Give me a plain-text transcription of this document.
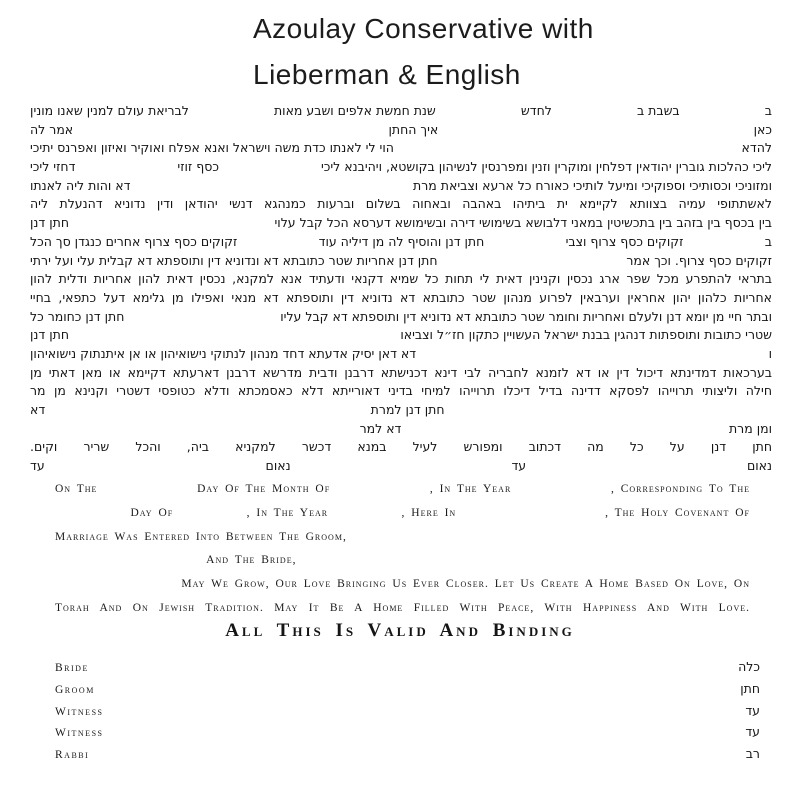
Azoulay Conservative with
Lieberman & English
ב
בשבת ב
לחדש
שנת חמשת אלפים ושבע מאות
לבריאת עולם למנין שאנו מונין
כאן
איך החתן
אמר לה
להדא
הוי לי לאנתו כדת משה וישראל ואנא אפלח ואוקיר ואיזון ואפרנס יתיכי
ליכי כהלכות גוברין יהודאין דפלחין ומוקרין וזנין ומפרנסין לנשיהון בקושטא, ויהיבנא ליכי
כסף זוזי
דחזי ליכי
ומזוניכי וכסותיכי וספוקיכי ומיעל לותיכי כאורח כל ארעא וצביאת מרת
דא והות ליה לאנתו
לאשתתופי עמיה בצוותא לקיימא ית ביתיהו באהבה ובאחוה בשלום וברעות כמנהגא דנשי יהודאן ודין נדוניא דהנעלת ליה
בין בכסף בין בזהב בין בתכשיטין במאני דלבושא בשימושי דירה ובשימושא דערסא הכל קבל עלוי
חתן דנן
ב
זקוקים כסף צרוף וצבי
חתן דנן והוסיף לה מן דיליה עוד
זקוקים כסף צרוף אחרים כנגדן סך הכל
זקוקים כסף צרוף. וכך אמר
חתן דנן אחריות שטר כתובתא דא ונדוניא דין ותוספתא דא קבלית עלי ועל ירתי
בתראי להתפרע מכל שפר ארג נכסין וקנינין דאית לי תחות כל שמיא דקנאי ודעתיד אנא למקנא, נכסין דאית להון אחריות ודלית להון
אחריות כלהון יהון אחראין וערבאין לפרוע מנהון שטר כתובתא דא נדוניא דין ותוספתא דא מנאי ואפילו מן גלימא דעל כתפאי, בחיי
ובתר חיי מן יומא דנן ולעלם ואחריות וחומר שטר כתובתא דא נדוניא דין ותוספתא דא קבל עליו
חתן דנן כחומר כל
שטרי כתובות ותוספתות דנהגין בבנת ישראל העשויין כתקון חז״ל וצביאו
חתן דנן
ו
דא דאן יסיק אדעתא דחד מנהון לנתוקי נישואיהון או אן איתנתוק נישואיהון
בערכאות דמדינתא דיכול דין או דא לזמנא לחבריה לבי דינא דכנישתא דרבנן ודבית מדרשא דרבנן דארעתא דקיימא או מאן דאתי מן
חילה וליצותי תרוייהו לפסקא דדינה בדיל דיכלו תרוייהו למיחי בדיני דאורייתא דלא כאסמכתא ודלא כטופסי דשטרי וקנינא מן מר
חתן דנן למרת
דא
ומן מרת
דא למר
חתן דנן על כל מה דכתוב ומפורש לעיל במנא דכשר למקניא ביה, והכל שריר וקים.
נאום
עד
נאום
עד
On The	Day Of The Month Of	, In The Year	, Corresponding To The
Day Of	, In The Year	, Here In	, The Holy Covenant Of
Marriage Was Entered Into Between The Groom,
And The Bride,
May We Grow, Our Love Bringing Us Ever Closer. Let Us Create A Home Based On Love, On
Torah And On Jewish Tradition. May It Be A Home Filled With Peace, With Happiness And With Love.
All This Is Valid And Binding
Bride	כלה
Groom	חתן
Witness	עד
Witness	עד
Rabbi	רב
